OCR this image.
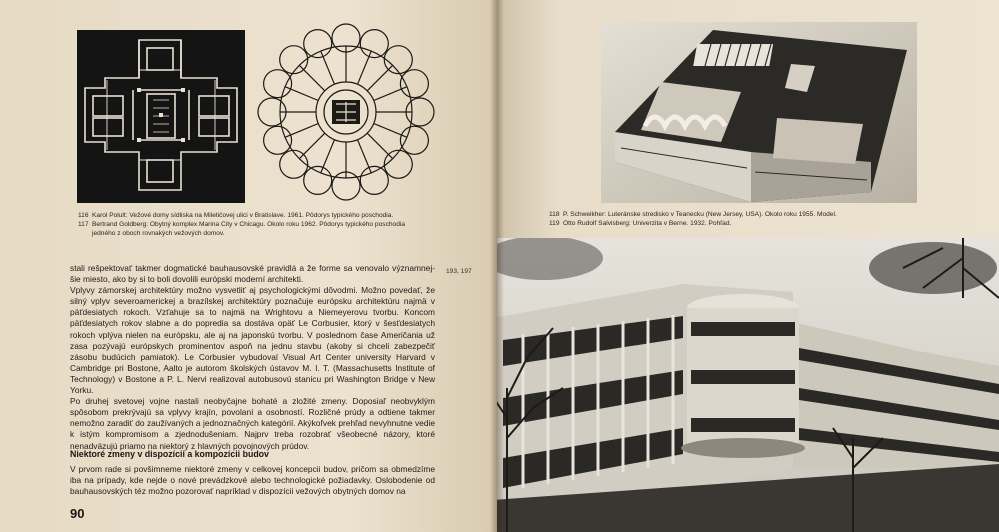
116 Karol Polult: Vežové domy sídliska na Miletičovej ulici v Bratislave. 1961. Pôdorys typického poschodia.
117 Bertrand Goldberg: Obytný komplex Marina City v Chicagu. Okolo roku 1962. Pôdorys typického poschodia
jedného z oboch rovnakých vežových domov.
193, 197

stali rešpektovať takmer dogmatické bauhausovské pravidlá a že forme sa venovalo významnej-šie miesto, ako by si to boli dovolili európski moderní architekti.

Vplyvy zámorskej architektúry možno vysvetliť aj psychologickými dôvodmi. Možno povedať, že silný vplyv severoamerickej a brazílskej architektúry poznačuje európsku architektúru najmä v päťdesiatych rokoch. Vzťahuje sa to najmä na Wrightovu a Niemeyerovu tvorbu. Koncom päťdesiatych rokov slabne a do popredia sa dostáva opäť Le Corbusier, ktorý v šesťdesiatych rokoch vplýva nielen na európsku, ale aj na japonskú tvorbu. V poslednom čase Američania už zasa pozývajú európskych prominentov aspoň na jednu stavbu (akoby si chceli zabezpečiť zásobu budúcich pamiatok). Le Corbusier vybudoval Visual Art Center university Harvard v Cambridge pri Bostone, Aalto je autorom školských ústavov M. I. T. (Massachusetts Institute of Technology) v Bostone a P. L. Nervi realizoval autobusovú stanicu pri Washington Bridge v New Yorku.

Po druhej svetovej vojne nastali neobyčajne bohaté a zložité zmeny. Doposiaľ neobvyklým spôsobom prekrývajú sa vplyvy krajín, povolaní a osobností. Rozličné prúdy a odtiene takmer nemožno zaradiť do zaužívaných a jednoznačných kategórií. Akýkoľvek prehľad nevyhnutne vedie k istým kompromisom a zjednodušeniam. Najprv treba rozobrať všeobecné názory, ktoré nenadväzujú priamo na niektorý z hlavných povojnových prúdov.

Niektoré zmeny v dispozícii a kompozícii budov
V prvom rade si povšimneme niektoré zmeny v celkovej koncepcii budov, pričom sa obmedzíme iba na prípady, kde nejde o nové prevádzkové alebo technologické požiadavky. Oslobodenie od bauhausovských téz možno pozorovať napríklad v dispozícii vežových obytných domov na
90
118 P. Schweikher: Luteránske stredisko v Teanecku (New Jersey, USA). Okolo roku 1955. Model.
119 Otto Rudolf Salvisberg: Univerzita v Berne. 1932. Pohľad.
